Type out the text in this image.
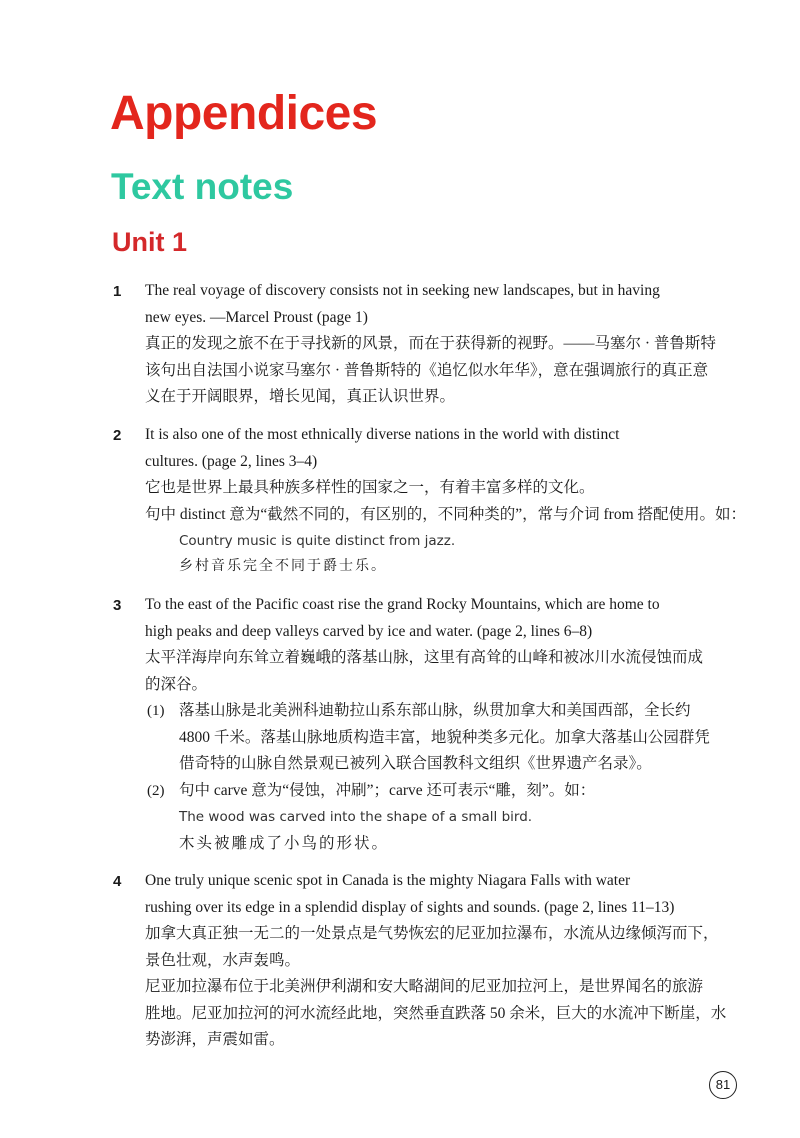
Appendices
Text notes
Unit 1
1 The real voyage of discovery consists not in seeking new landscapes, but in having
new eyes. —Marcel Proust (page 1)
真正的发现之旅不在于寻找新的风景，而在于获得新的视野。——马塞尔 · 普鲁斯特
该句出自法国小说家马塞尔 · 普鲁斯特的《追忆似水年华》，意在强调旅行的真正意
义在于开阔眼界，增长见闻，真正认识世界。
2 It is also one of the most ethnically diverse nations in the world with distinct
cultures. (page 2, lines 3–4)
它也是世界上最具种族多样性的国家之一，有着丰富多样的文化。
句中 distinct 意为“截然不同的，有区别的，不同种类的”，常与介词 from 搭配使用。如：
Country music is quite distinct from jazz.
乡村音乐完全不同于爵士乐。
3 To the east of the Pacific coast rise the grand Rocky Mountains, which are home to
high peaks and deep valleys carved by ice and water. (page 2, lines 6–8)
太平洋海岸向东耸立着巍峨的落基山脉，这里有高耸的山峰和被冰川水流侵蚀而成
的深谷。
(1) 落基山脉是北美洲科迪勒拉山系东部山脉，纵贯加拿大和美国西部，全长约
4800 千米。落基山脉地质构造丰富，地貌种类多元化。加拿大落基山公园群凭
借奇特的山脉自然景观已被列入联合国教科文组织《世界遗产名录》。
(2) 句中 carve 意为“侵蚀，冲刷”；carve 还可表示“雕，刻”。如：
The wood was carved into the shape of a small bird.
木头被雕成了小鸟的形状。
4 One truly unique scenic spot in Canada is the mighty Niagara Falls with water
rushing over its edge in a splendid display of sights and sounds. (page 2, lines 11–13)
加拿大真正独一无二的一处景点是气势恢宏的尼亚加拉瀑布，水流从边缘倾泻而下，
景色壮观，水声轰鸣。
尼亚加拉瀑布位于北美洲伊利湖和安大略湖间的尼亚加拉河上，是世界闻名的旅游
胜地。尼亚加拉河的河水流经此地，突然垂直跌落 50 余米，巨大的水流冲下断崖，水
势澎湃，声震如雷。
81
